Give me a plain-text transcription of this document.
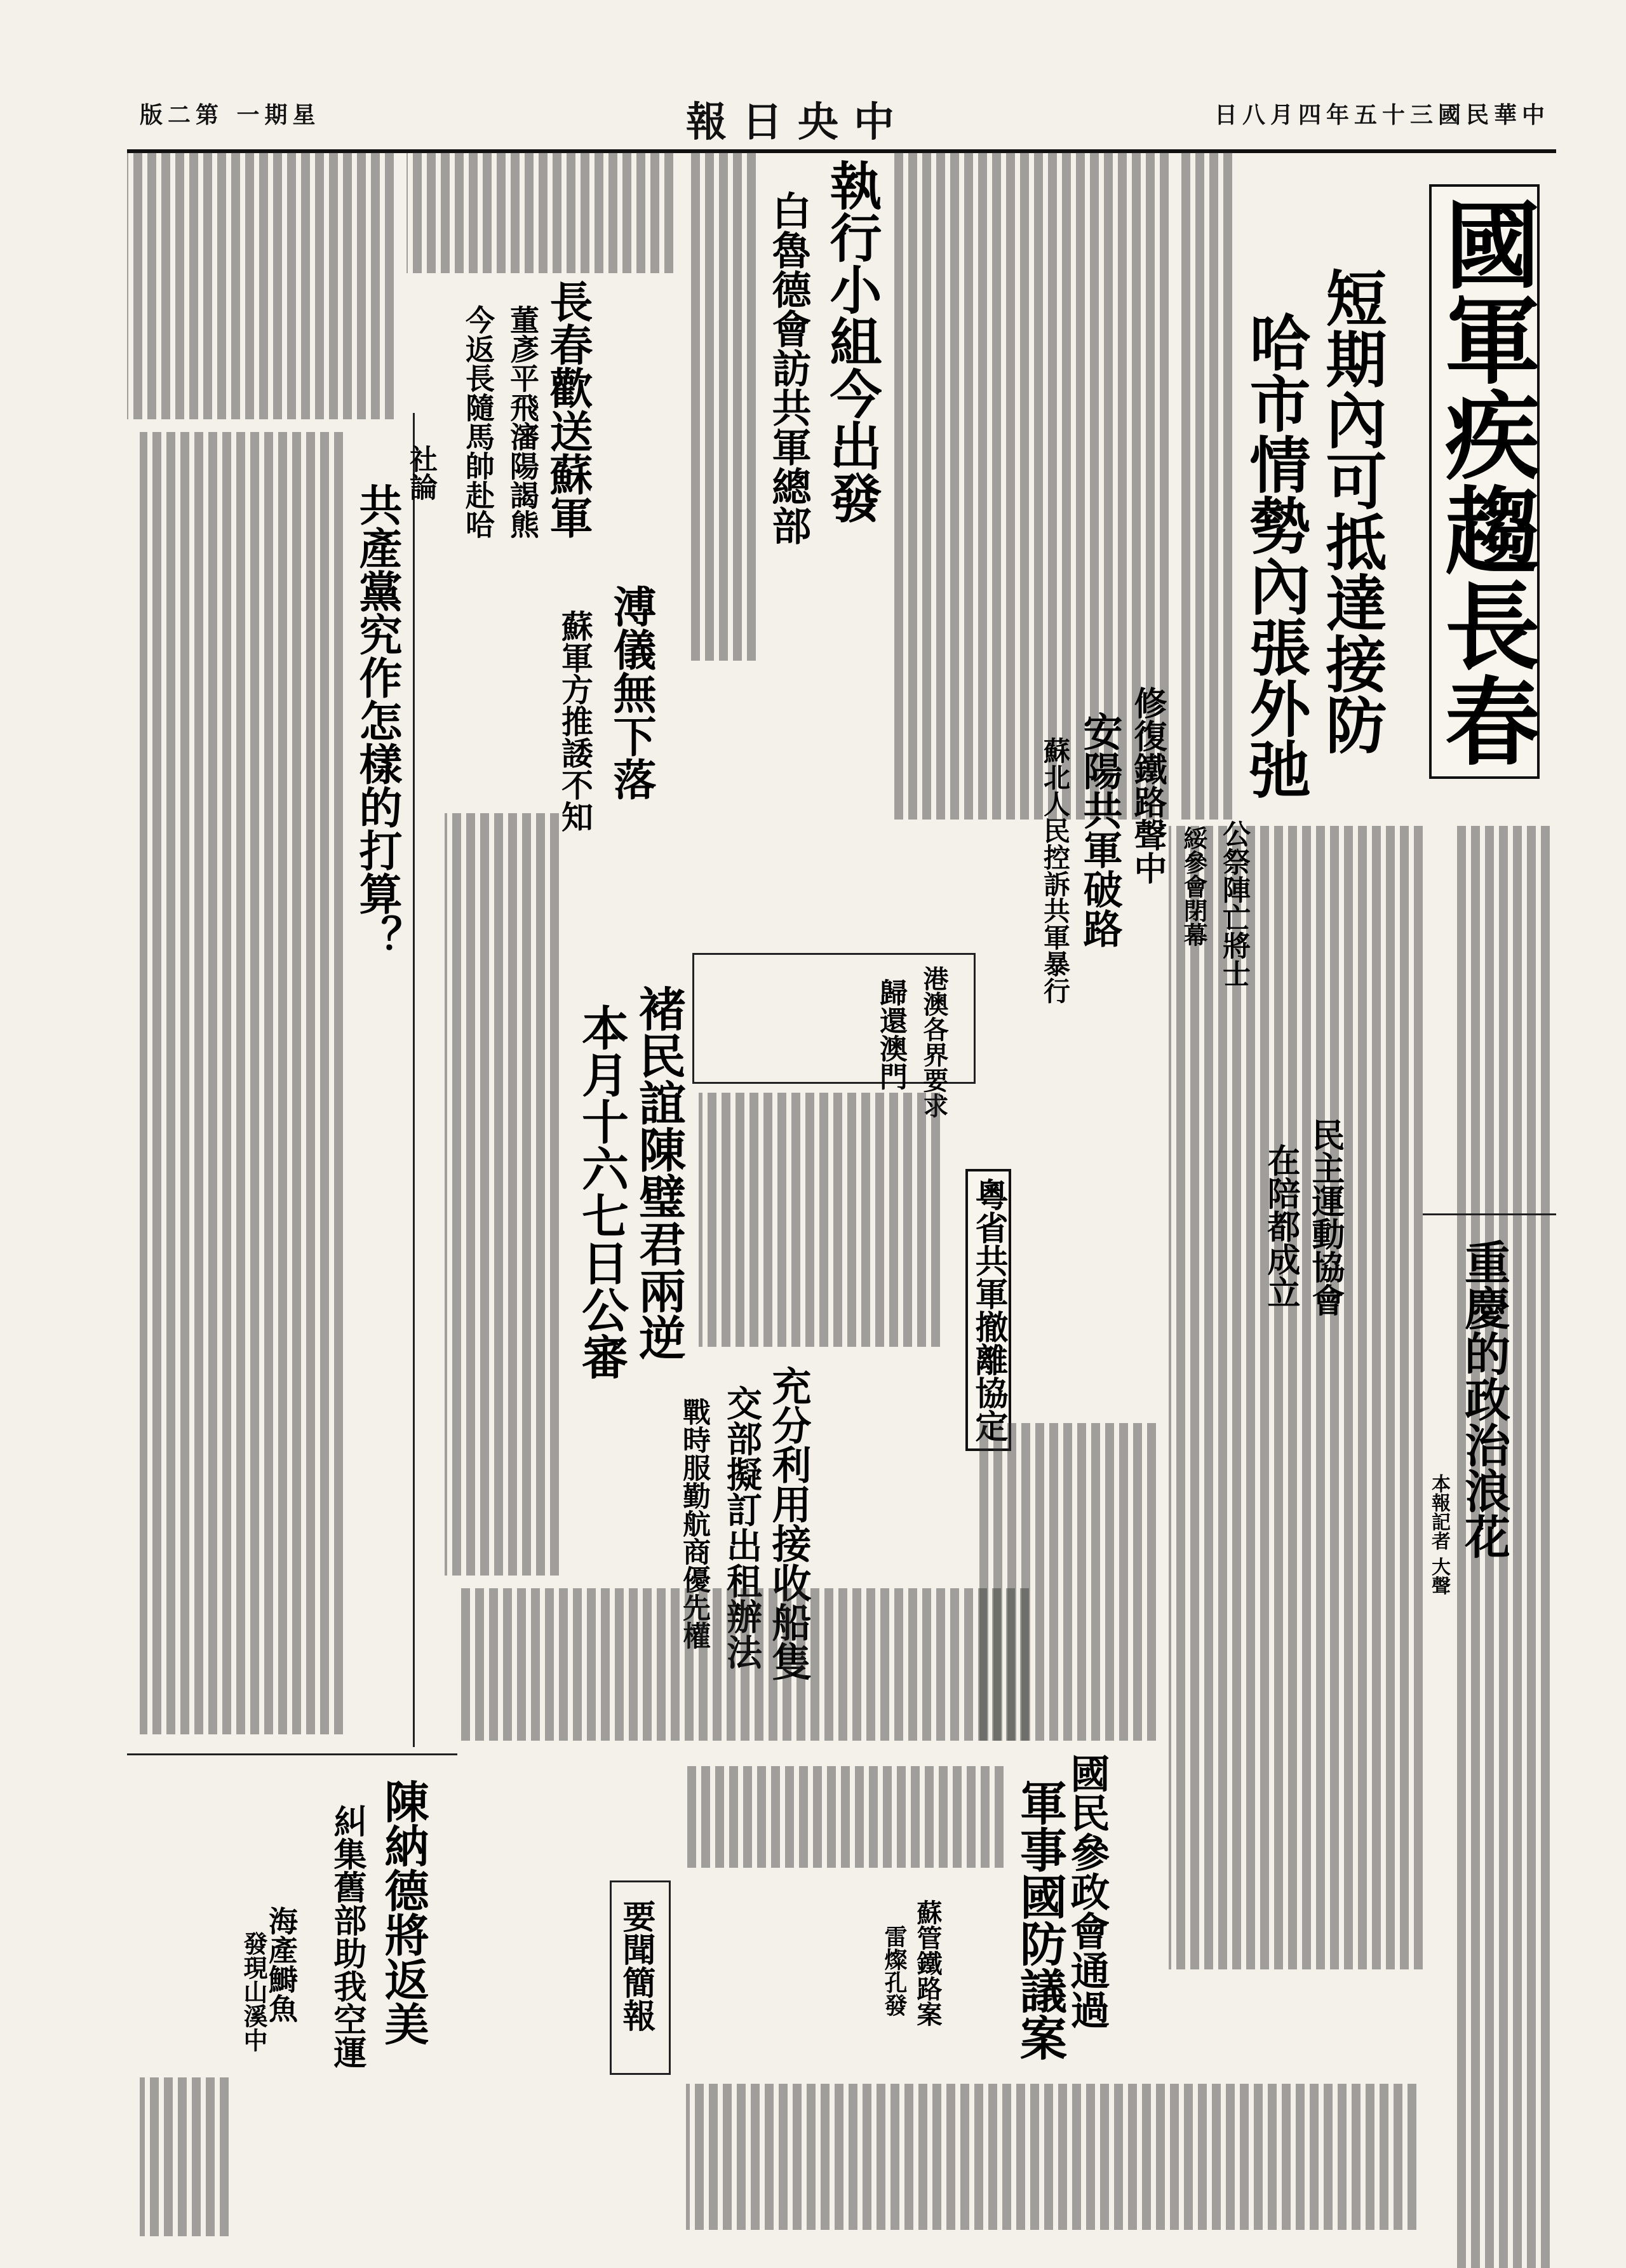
版二第 一期星	報日央中	日八月四年五十三國民華中
國軍疾趨長春
短期內可抵達接防
哈市情勢內張外弛
執行小組今出發
白魯德會訪共軍總部
長春歡送蘇軍
董彥平飛瀋陽謁熊
今返長隨馬帥赴哈
溥儀無下落
蘇軍方推諉不知	修復鐵路聲中
安陽共軍破路
蘇北人民控訴共軍暴行	公祭陣亡將士
綏參會閉幕
社論
共產黨究作怎樣的打算？
港澳各界要求
歸還澳門
粵省共軍撤離協定	民主運動協會
在陪都成立
重慶的政治浪花
本報記者 大聲
褚民誼陳璧君兩逆
本月十六七日公審
充分利用接收船隻
交部擬訂出租辦法
戰時服勤航商優先權
國民參政會通過
軍事國防議案
陳納德將返美
糾集舊部助我空運
海產鰣魚
發現山溪中	要聞簡報	蘇管鐵路案
雷燦孔發
